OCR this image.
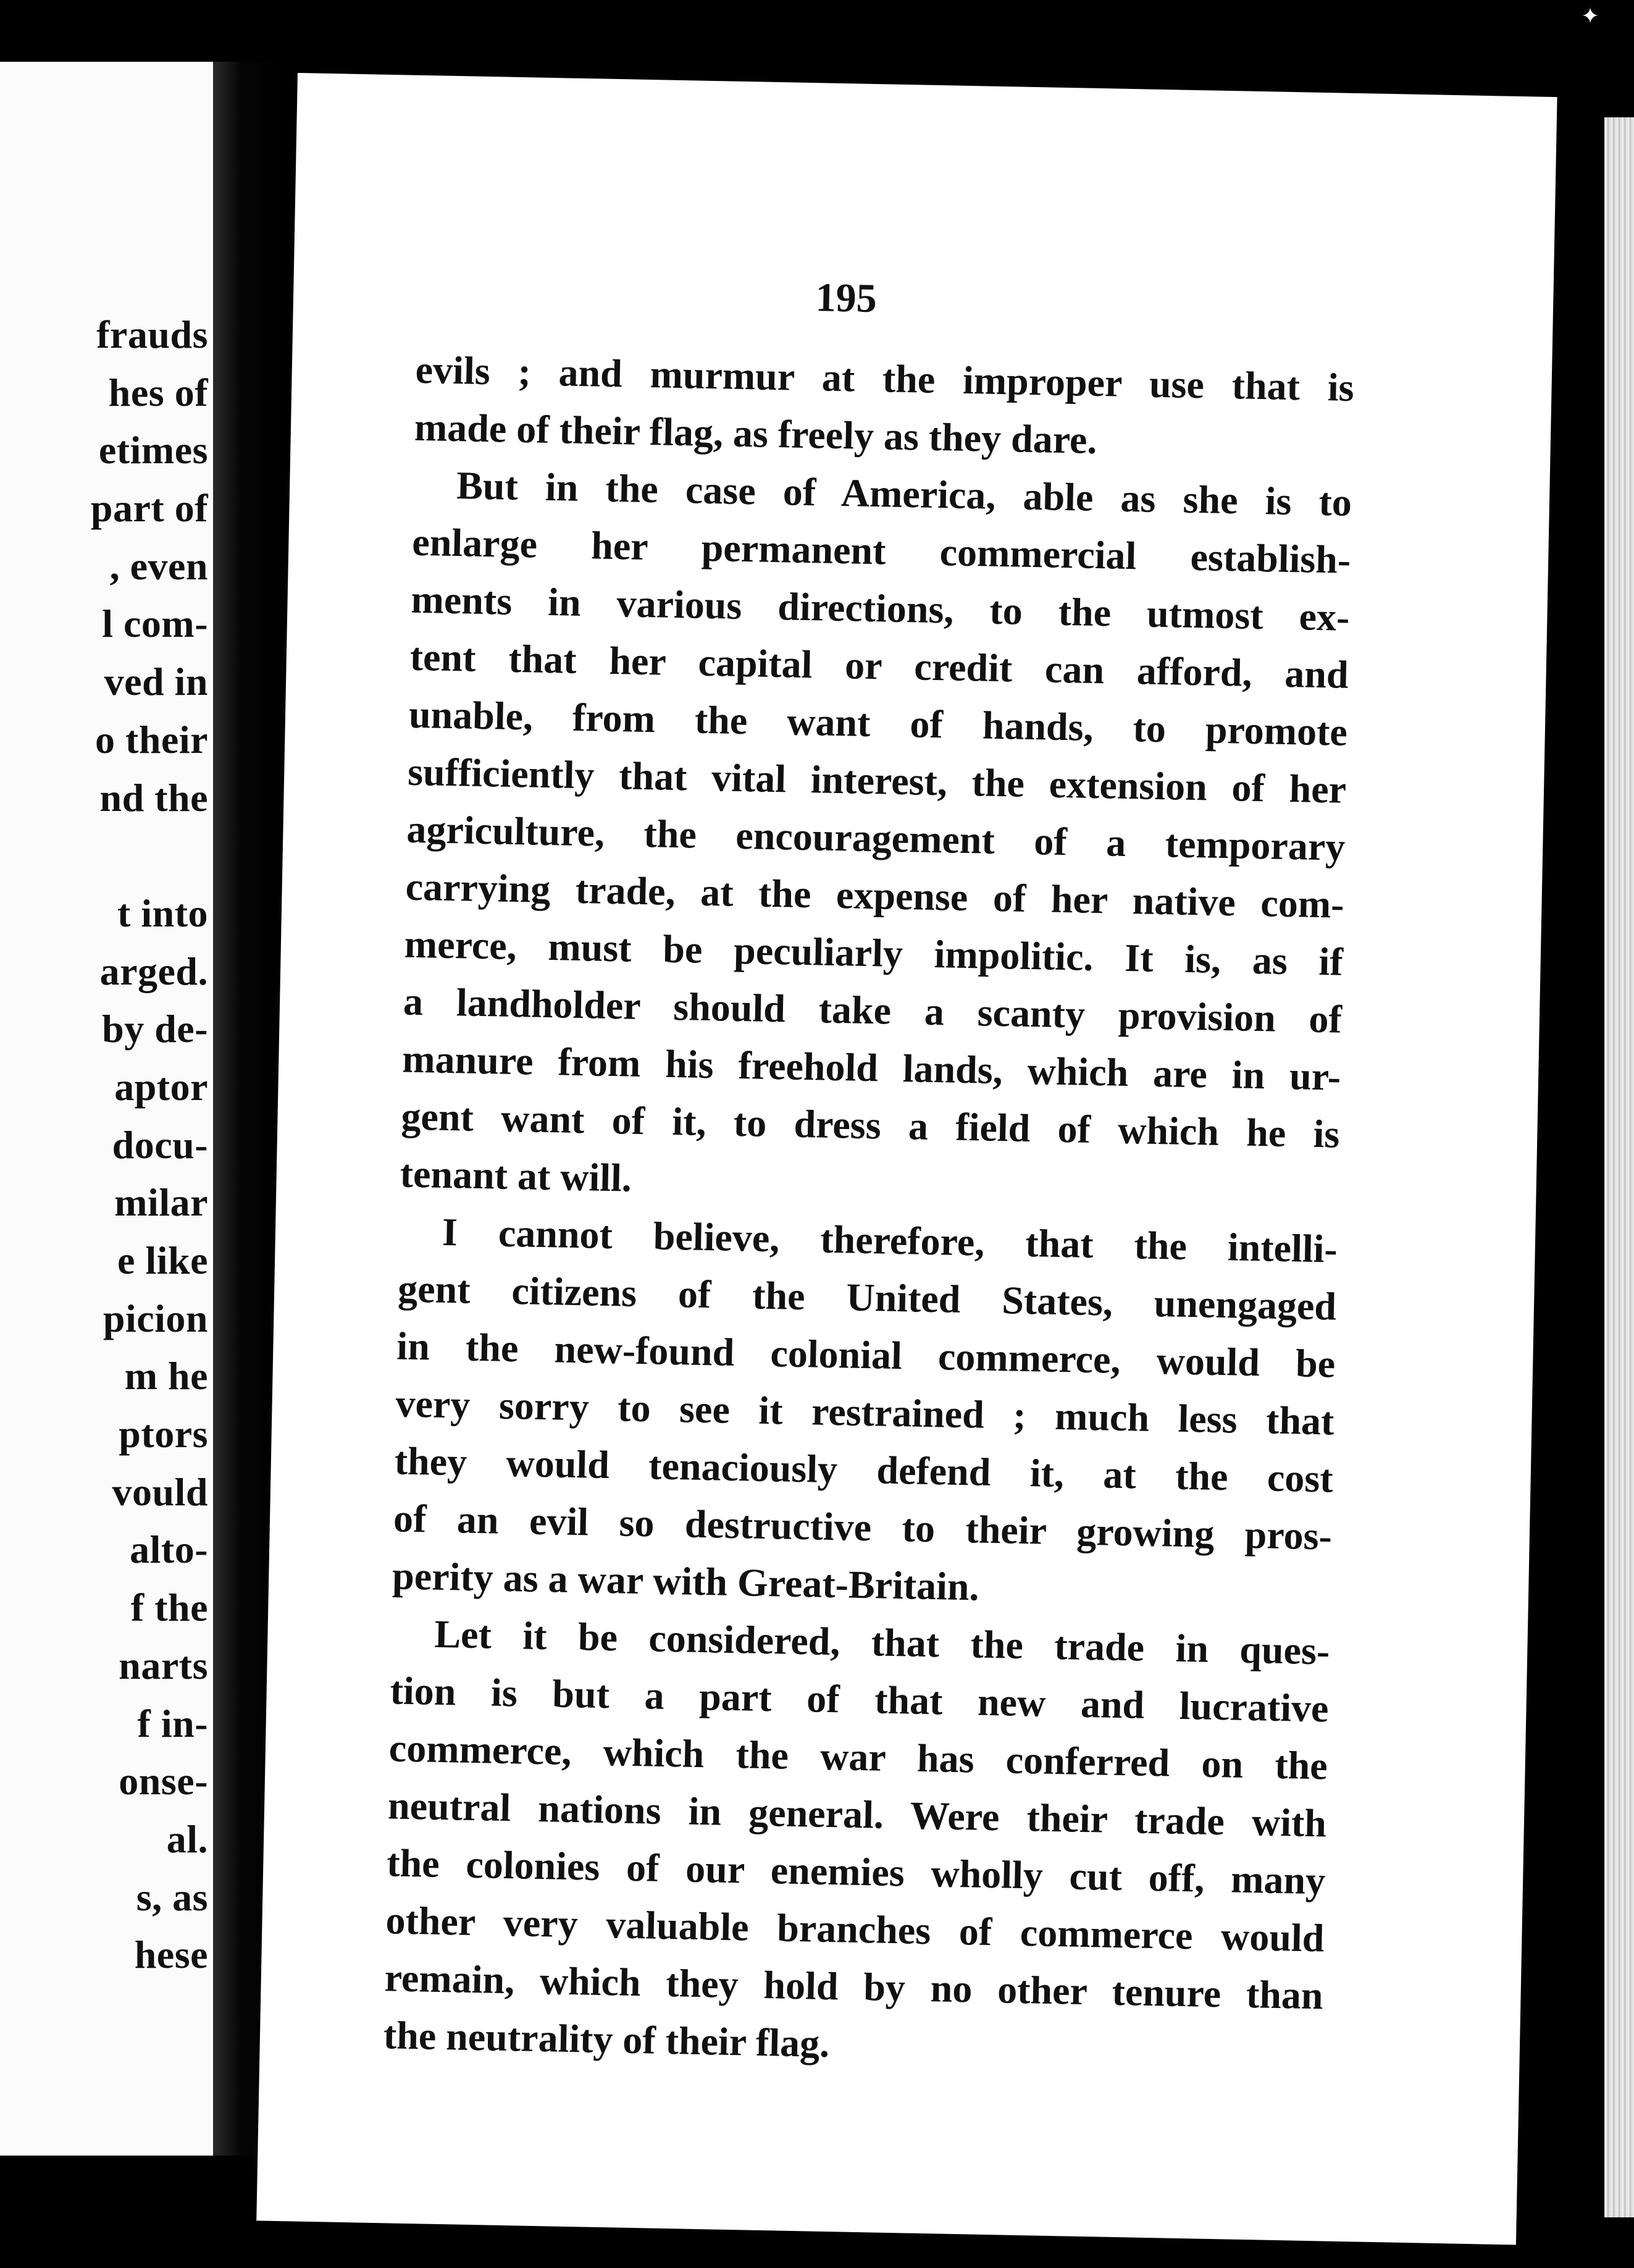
✦
frauds
hes of
etimes
part of
, even
l com-
ved in
o their
nd the
t into
arged.
by de-
aptor
docu-
milar
e like
picion
m he
ptors
vould
alto-
f the
narts
f in-
onse-
al.
s, as
hese
195
evils ; and murmur at the improper use that is
made of their flag, as freely as they dare.
But in the case of America, able as she is to
enlarge her permanent commercial establish-
ments in various directions, to the utmost ex-
tent that her capital or credit can afford, and
unable, from the want of hands, to promote
sufficiently that vital interest, the extension of her
agriculture, the encouragement of a temporary
carrying trade, at the expense of her native com-
merce, must be peculiarly impolitic. It is, as if
a landholder should take a scanty provision of
manure from his freehold lands, which are in ur-
gent want of it, to dress a field of which he is
tenant at will.
I cannot believe, therefore, that the intelli-
gent citizens of the United States, unengaged
in the new-found colonial commerce, would be
very sorry to see it restrained ; much less that
they would tenaciously defend it, at the cost
of an evil so destructive to their growing pros-
perity as a war with Great-Britain.
Let it be considered, that the trade in ques-
tion is but a part of that new and lucrative
commerce, which the war has conferred on the
neutral nations in general. Were their trade with
the colonies of our enemies wholly cut off, many
other very valuable branches of commerce would
remain, which they hold by no other tenure than
the neutrality of their flag.
